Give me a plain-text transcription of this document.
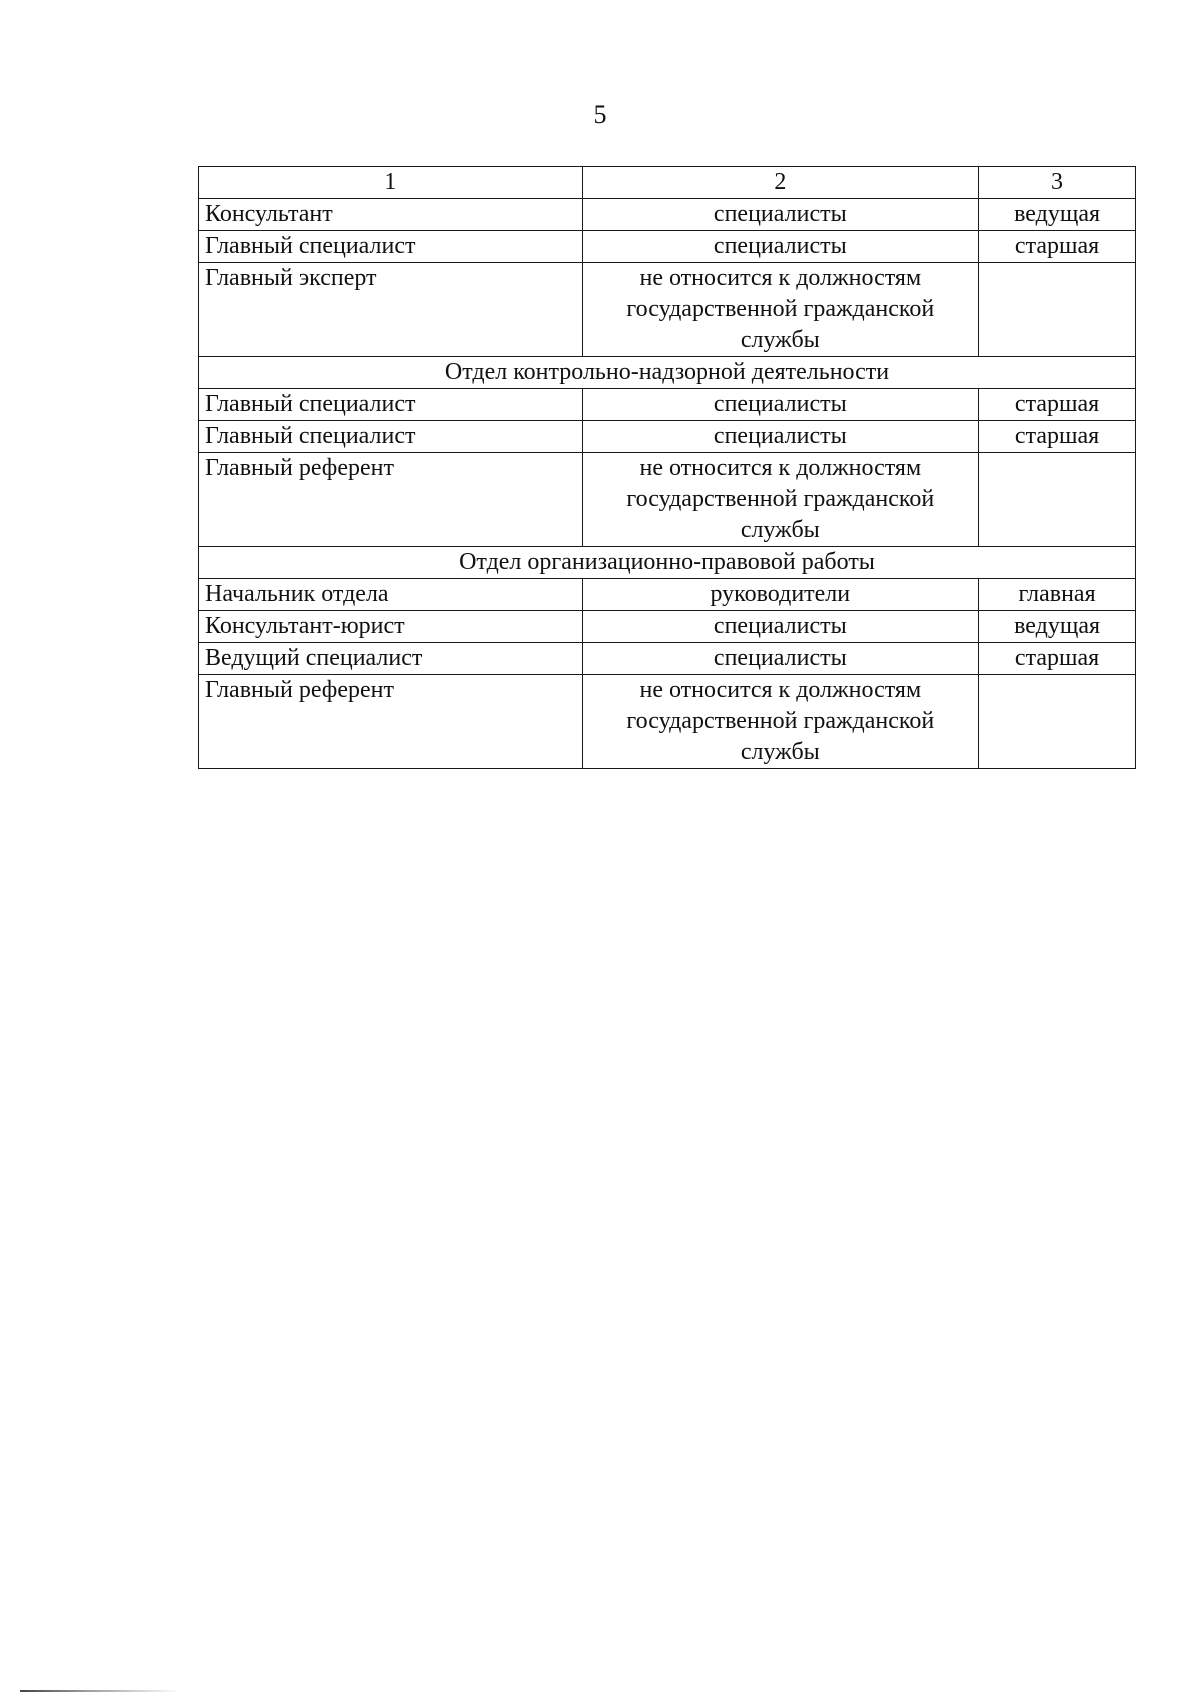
5
1	2	3
Консультант	специалисты	ведущая
Главный специалист	специалисты	старшая
Главный эксперт	не относится к должностям государственной гражданской службы	
Отдел контрольно-надзорной деятельности		
Главный специалист	специалисты	старшая
Главный специалист	специалисты	старшая
Главный референт	не относится к должностям государственной гражданской службы	
Отдел организационно-правовой работы		
Начальник отдела	руководители	главная
Консультант-юрист	специалисты	ведущая
Ведущий специалист	специалисты	старшая
Главный референт	не относится к должностям государственной гражданской службы	
